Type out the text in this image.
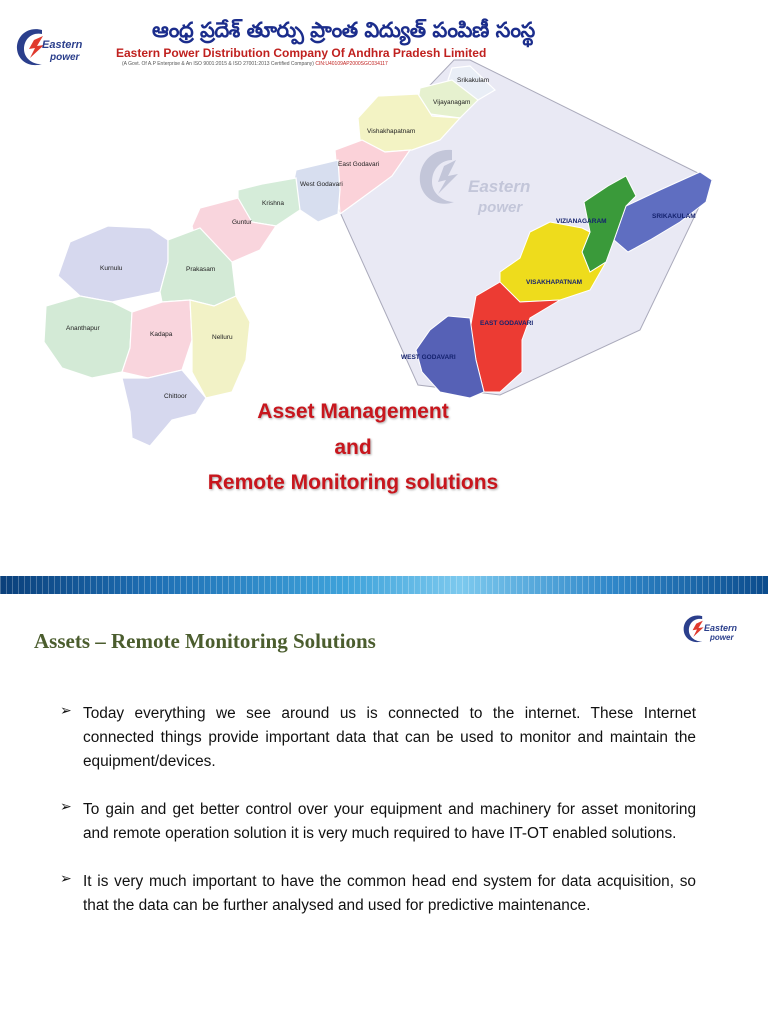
Eastern
power
ఆంధ్ర ప్రదేశ్ తూర్పు ప్రాంత విద్యుత్ పంపిణీ సంస్థ
Eastern Power Distribution Company Of Andhra Pradesh Limited
(A Govt. Of A.P Enterprise & An ISO 9001:2015 & ISO 27001:2013 Certified Company) CIN:U40109AP2000SGC034117
Eastern
power
Srikakulam
Vijayanagam
Vishakhapatnam
East Godavari
West Godavari
Krishna
Guntur
Kurnulu	Prakasam
Ananthapur
Kadapa	Nelluru
Chittoor
SRIKAKULAM
VIZIANAGARAM
VISAKHAPATNAM
EAST GODAVARI
WEST GODAVARI
Asset Management
and
Remote Monitoring solutions
Assets – Remote Monitoring Solutions
Eastern
power
➢ Today everything we see around us is connected to the internet. These Internet connected things provide important data that can be used to monitor and maintain the equipment/devices.
➢ To gain and get better control over your equipment and machinery for asset monitoring and remote operation solution it is very much required to have IT-OT enabled solutions.
➢ It is very much important to have the common head end system for data acquisition, so that the data can be further analysed and used for predictive maintenance.
